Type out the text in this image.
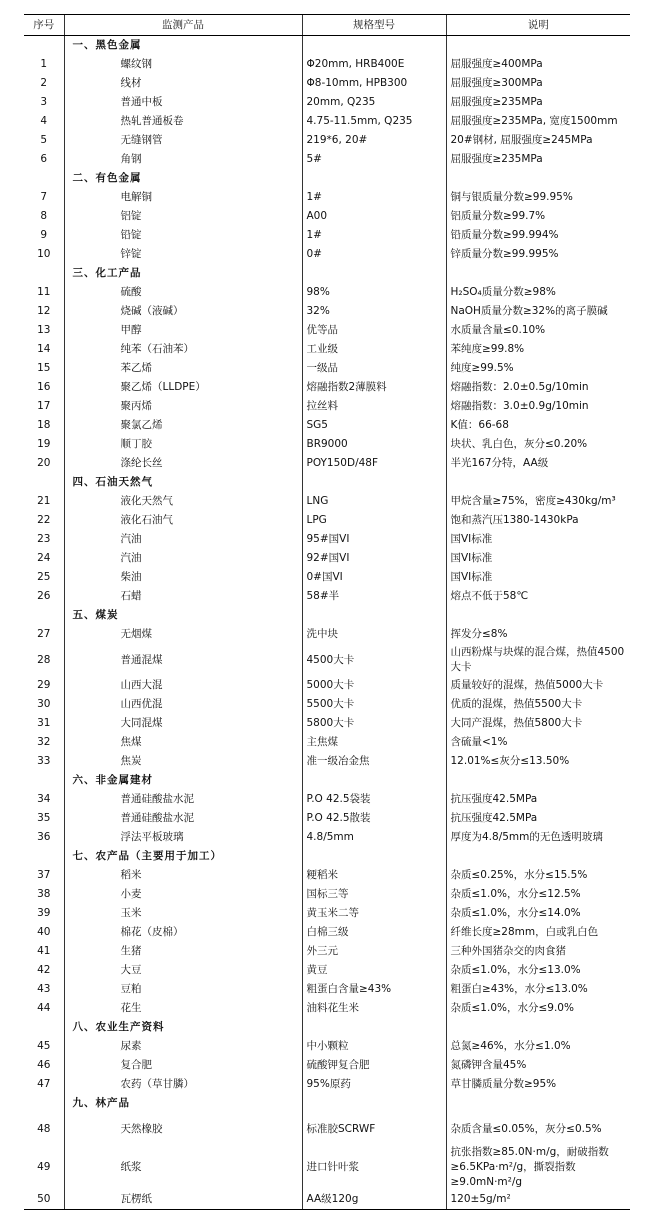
序号	监测产品	规格型号	说明
	一、黑色金属		
1	螺纹钢	Φ20mm, HRB400E	屈服强度≥400MPa
2	线材	Φ8-10mm, HPB300	屈服强度≥300MPa
3	普通中板	20mm, Q235	屈服强度≥235MPa
4	热轧普通板卷	4.75-11.5mm, Q235	屈服强度≥235MPa, 宽度1500mm
5	无缝钢管	219*6, 20#	20#钢材, 屈服强度≥245MPa
6	角钢	5#	屈服强度≥235MPa
	二、有色金属		
7	电解铜	1#	铜与银质量分数≥99.95%
8	铝锭	A00	铝质量分数≥99.7%
9	铅锭	1#	铅质量分数≥99.994%
10	锌锭	0#	锌质量分数≥99.995%
	三、化工产品		
11	硫酸	98%	H₂SO₄质量分数≥98%
12	烧碱（液碱）	32%	NaOH质量分数≥32%的离子膜碱
13	甲醇	优等品	水质量含量≤0.10%
14	纯苯（石油苯）	工业级	苯纯度≥99.8%
15	苯乙烯	一级品	纯度≥99.5%
16	聚乙烯（LLDPE）	熔融指数2薄膜料	熔融指数：2.0±0.5g/10min
17	聚丙烯	拉丝料	熔融指数：3.0±0.9g/10min
18	聚氯乙烯	SG5	K值：66-68
19	顺丁胶	BR9000	块状、乳白色，灰分≤0.20%
20	涤纶长丝	POY150D/48F	半光167分特，AA级
	四、石油天然气		
21	液化天然气	LNG	甲烷含量≥75%，密度≥430kg/m³
22	液化石油气	LPG	饱和蒸汽压1380-1430kPa
23	汽油	95#国VI	国VI标准
24	汽油	92#国VI	国VI标准
25	柴油	0#国VI	国VI标准
26	石蜡	58#半	熔点不低于58℃
	五、煤炭		
27	无烟煤	洗中块	挥发分≤8%
28	普通混煤	4500大卡	山西粉煤与块煤的混合煤，热值4500大卡
29	山西大混	5000大卡	质量较好的混煤，热值5000大卡
30	山西优混	5500大卡	优质的混煤，热值5500大卡
31	大同混煤	5800大卡	大同产混煤，热值5800大卡
32	焦煤	主焦煤	含硫量<1%
33	焦炭	准一级冶金焦	12.01%≤灰分≤13.50%
	六、非金属建材		
34	普通硅酸盐水泥	P.O 42.5袋装	抗压强度42.5MPa
35	普通硅酸盐水泥	P.O 42.5散装	抗压强度42.5MPa
36	浮法平板玻璃	4.8/5mm	厚度为4.8/5mm的无色透明玻璃
	七、农产品（主要用于加工）		
37	稻米	粳稻米	杂质≤0.25%，水分≤15.5%
38	小麦	国标三等	杂质≤1.0%，水分≤12.5%
39	玉米	黄玉米二等	杂质≤1.0%，水分≤14.0%
40	棉花（皮棉）	白棉三级	纤维长度≥28mm，白或乳白色
41	生猪	外三元	三种外国猪杂交的肉食猪
42	大豆	黄豆	杂质≤1.0%，水分≤13.0%
43	豆粕	粗蛋白含量≥43%	粗蛋白≥43%，水分≤13.0%
44	花生	油料花生米	杂质≤1.0%，水分≤9.0%
	八、农业生产资料		
45	尿素	中小颗粒	总氮≥46%，水分≤1.0%
46	复合肥	硫酸钾复合肥	氮磷钾含量45%
47	农药（草甘膦）	95%原药	草甘膦质量分数≥95%
	九、林产品		
48	天然橡胶	标准胶SCRWF	杂质含量≤0.05%，灰分≤0.5%
49	纸浆	进口针叶浆	抗张指数≥85.0N·m/g，耐破指数≥6.5KPa·m²/g，撕裂指数≥9.0mN·m²/g
50	瓦楞纸	AA级120g	120±5g/m²
